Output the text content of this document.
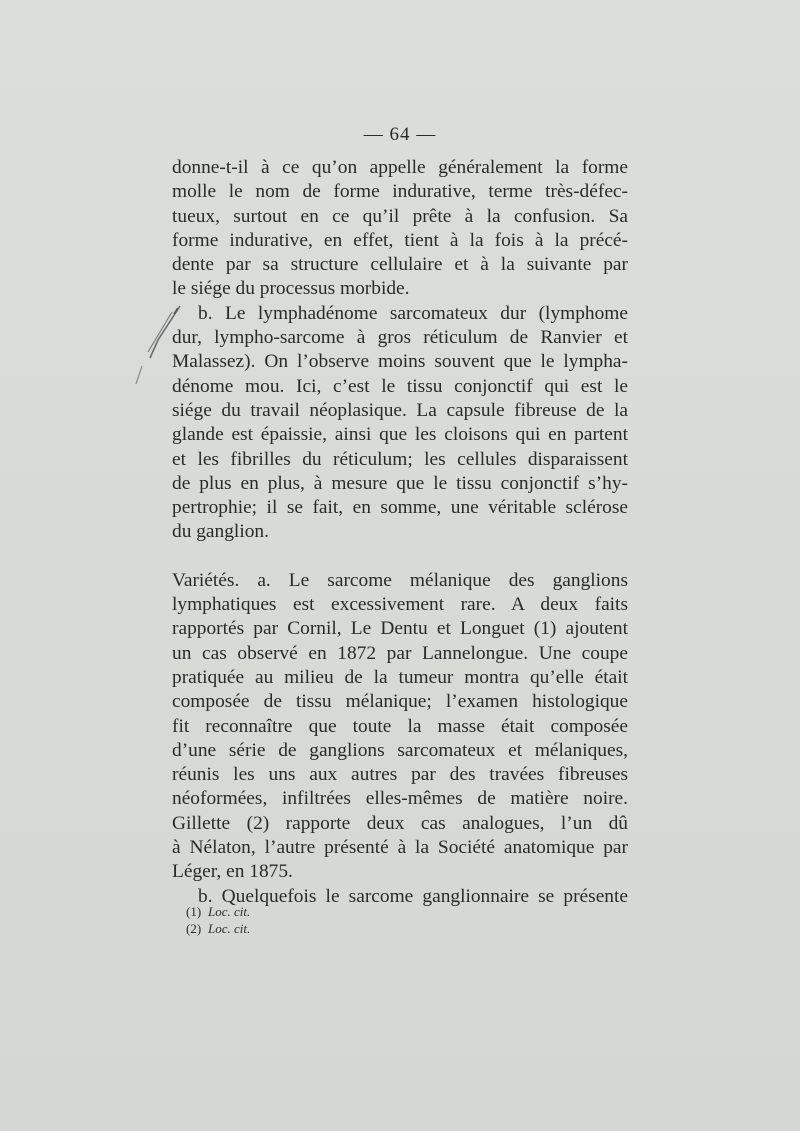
— 64 —
donne-t-il à ce qu’on appelle généralement la forme
molle le nom de forme indurative, terme très-défec-
tueux, surtout en ce qu’il prête à la confusion. Sa
forme indurative, en effet, tient à la fois à la précé-
dente par sa structure cellulaire et à la suivante par
le siége du processus morbide.
b. Le lymphadénome sarcomateux dur (lymphome
dur, lympho-sarcome à gros réticulum de Ranvier et
Malassez). On l’observe moins souvent que le lympha-
dénome mou. Ici, c’est le tissu conjonctif qui est le
siége du travail néoplasique. La capsule fibreuse de la
glande est épaissie, ainsi que les cloisons qui en partent
et les fibrilles du réticulum; les cellules disparaissent
de plus en plus, à mesure que le tissu conjonctif s’hy-
pertrophie; il se fait, en somme, une véritable sclérose
du ganglion.
Variétés. a. Le sarcome mélanique des ganglions
lymphatiques est excessivement rare. A deux faits
rapportés par Cornil, Le Dentu et Longuet (1) ajoutent
un cas observé en 1872 par Lannelongue. Une coupe
pratiquée au milieu de la tumeur montra qu’elle était
composée de tissu mélanique; l’examen histologique
fit reconnaître que toute la masse était composée
d’une série de ganglions sarcomateux et mélaniques,
réunis les uns aux autres par des travées fibreuses
néoformées, infiltrées elles-mêmes de matière noire.
Gillette (2) rapporte deux cas analogues, l’un dû
à Nélaton, l’autre présenté à la Société anatomique par
Léger, en 1875.
b. Quelquefois le sarcome ganglionnaire se présente
(1) Loc. cit.
(2) Loc. cit.
